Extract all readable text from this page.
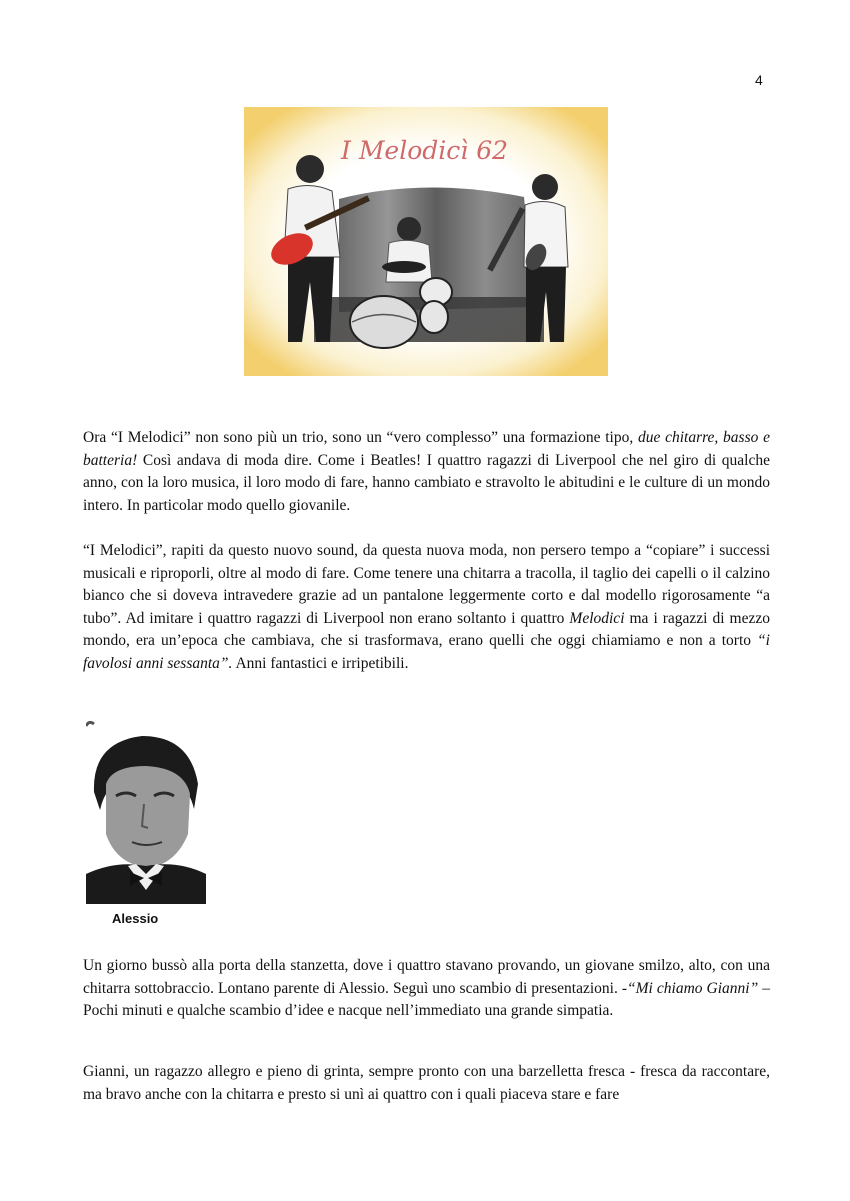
4
I Melodicì 62

Ora “I Melodici” non sono più un trio, sono un “vero complesso” una formazione tipo, due chitarre, basso e batteria! Così andava di moda dire. Come i Beatles! I quattro ragazzi di Liverpool che nel giro di qualche anno, con la loro musica, il loro modo di fare, hanno cambiato e stravolto le abitudini e le culture di un mondo intero. In particolar modo quello giovanile.

“I Melodici”, rapiti da questo nuovo sound, da questa nuova moda, non persero tempo a “copiare” i successi musicali e riproporli, oltre al modo di fare. Come tenere una chitarra a tracolla, il taglio dei capelli o il calzino bianco che si doveva intravedere grazie ad un pantalone leggermente corto e dal modello rigorosamente “a tubo”. Ad imitare i quattro ragazzi di Liverpool non erano soltanto i quattro Melodici ma i ragazzi di mezzo mondo, era un’epoca che cambiava, che si trasformava, erano quelli che oggi chiamiamo e non a torto “i favolosi anni sessanta”. Anni fantastici e irripetibili.

Alessio

Un giorno bussò alla porta della stanzetta, dove i quattro stavano provando, un giovane smilzo, alto, con una chitarra sottobraccio. Lontano parente di Alessio. Seguì uno scambio di presentazioni. -“Mi chiamo Gianni” – Pochi minuti e qualche scambio d’idee e nacque nell’immediato una grande simpatia.

Gianni, un ragazzo allegro e pieno di grinta, sempre pronto con una barzelletta fresca - fresca da raccontare, ma bravo anche con la chitarra e presto si unì ai quattro con i quali piaceva stare e fare
